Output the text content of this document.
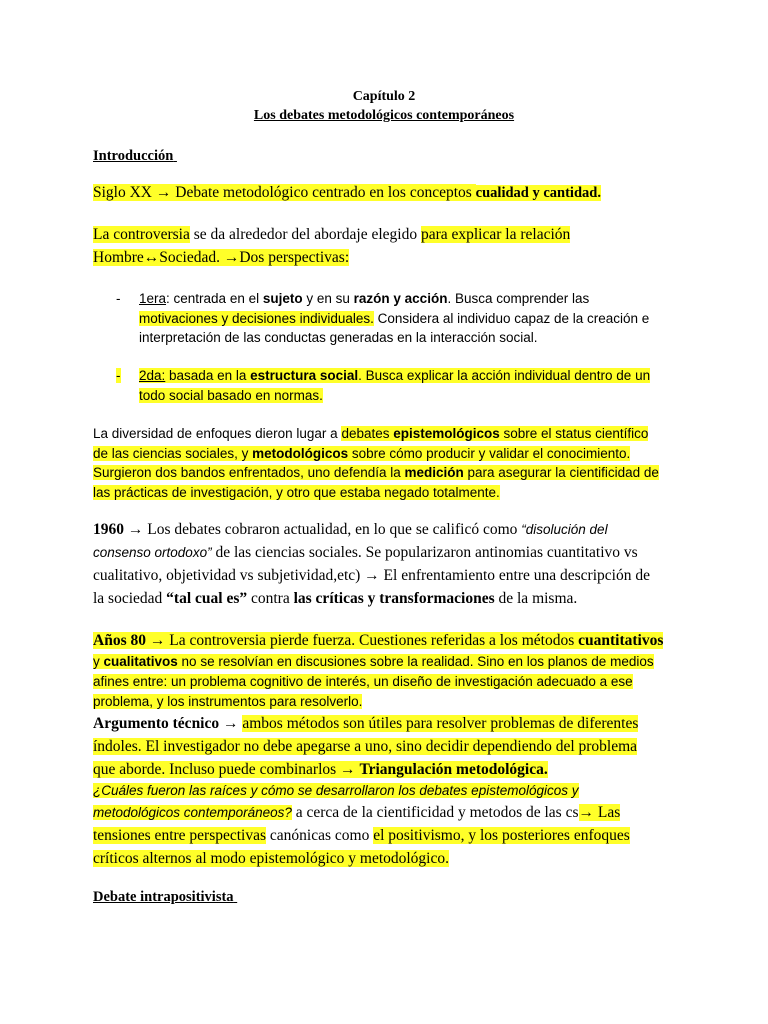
Capítulo 2

Los debates metodológicos contemporáneos

Introducción

Siglo XX → Debate metodológico centrado en los conceptos cualidad y cantidad.

La controversia se da alrededor del abordaje elegido para explicar la relación
Hombre↔Sociedad. →Dos perspectivas:

- 1era: centrada en el sujeto y en su razón y acción. Busca comprender las
motivaciones y decisiones individuales. Considera al individuo capaz de la creación e
interpretación de las conductas generadas en la interacción social.

- 2da: basada en la estructura social. Busca explicar la acción individual dentro de un
todo social basado en normas.
La diversidad de enfoques dieron lugar a debates epistemológicos sobre el status científico
de las ciencias sociales, y metodológicos sobre cómo producir y validar el conocimiento.
Surgieron dos bandos enfrentados, uno defendía la medición para asegurar la cientificidad de
las prácticas de investigación, y otro que estaba negado totalmente.
1960 → Los debates cobraron actualidad, en lo que se calificó como “disolución del
consenso ortodoxo” de las ciencias sociales. Se popularizaron antinomias cuantitativo vs
cualitativo, objetividad vs subjetividad,etc) → El enfrentamiento entre una descripción de
la sociedad “tal cual es” contra las críticas y transformaciones de la misma.
Años 80 → La controversia pierde fuerza. Cuestiones referidas a los métodos cuantitativos
y cualitativos no se resolvían en discusiones sobre la realidad. Sino en los planos de medios
afines entre: un problema cognitivo de interés, un diseño de investigación adecuado a ese
problema, y los instrumentos para resolverlo.
Argumento técnico → ambos métodos son útiles para resolver problemas de diferentes
índoles. El investigador no debe apegarse a uno, sino decidir dependiendo del problema
que aborde. Incluso puede combinarlos → Triangulación metodológica.
¿Cuáles fueron las raíces y cómo se desarrollaron los debates epistemológicos y
metodológicos contemporáneos? a cerca de la cientificidad y metodos de las cs→ Las
tensiones entre perspectivas canónicas como el positivismo, y los posteriores enfoques
críticos alternos al modo epistemológico y metodológico.

Debate intrapositivista
